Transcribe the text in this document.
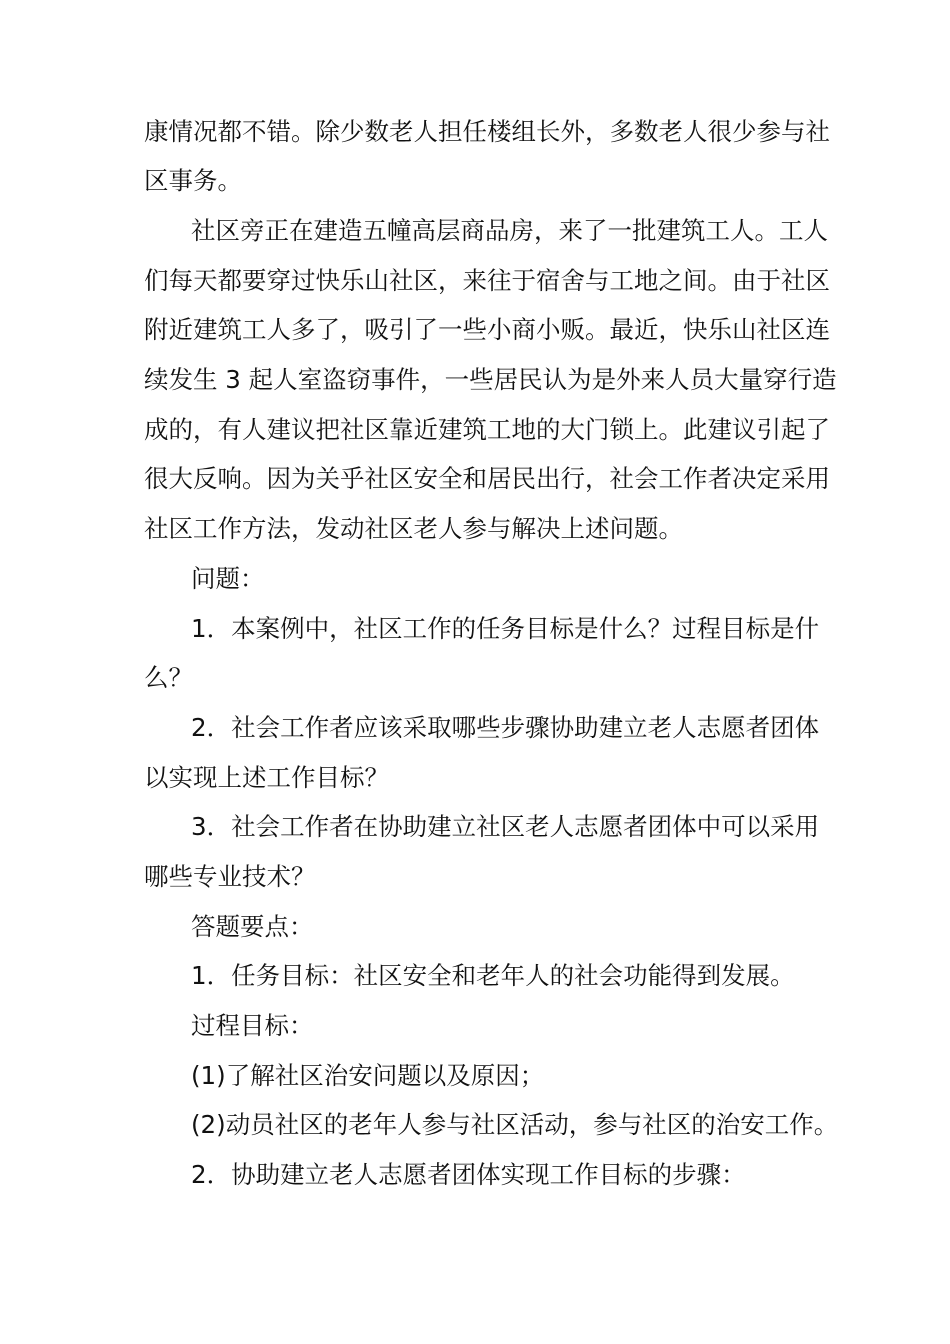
康情况都不错。除少数老人担任楼组长外，多数老人很少参与社
区事务。
社区旁正在建造五幢高层商品房，来了一批建筑工人。工人
们每天都要穿过快乐山社区，来往于宿舍与工地之间。由于社区
附近建筑工人多了，吸引了一些小商小贩。最近，快乐山社区连
续发生 3 起人室盗窃事件，一些居民认为是外来人员大量穿行造
成的，有人建议把社区靠近建筑工地的大门锁上。此建议引起了
很大反响。因为关乎社区安全和居民出行，社会工作者决定采用
社区工作方法，发动社区老人参与解决上述问题。
问题：
1．本案例中，社区工作的任务目标是什么？过程目标是什
么？
2．社会工作者应该采取哪些步骤协助建立老人志愿者团体
以实现上述工作目标？
3．社会工作者在协助建立社区老人志愿者团体中可以采用
哪些专业技术？
答题要点：
1．任务目标：社区安全和老年人的社会功能得到发展。
过程目标：
(1)了解社区治安问题以及原因；
(2)动员社区的老年人参与社区活动，参与社区的治安工作。
2．协助建立老人志愿者团体实现工作目标的步骤：
